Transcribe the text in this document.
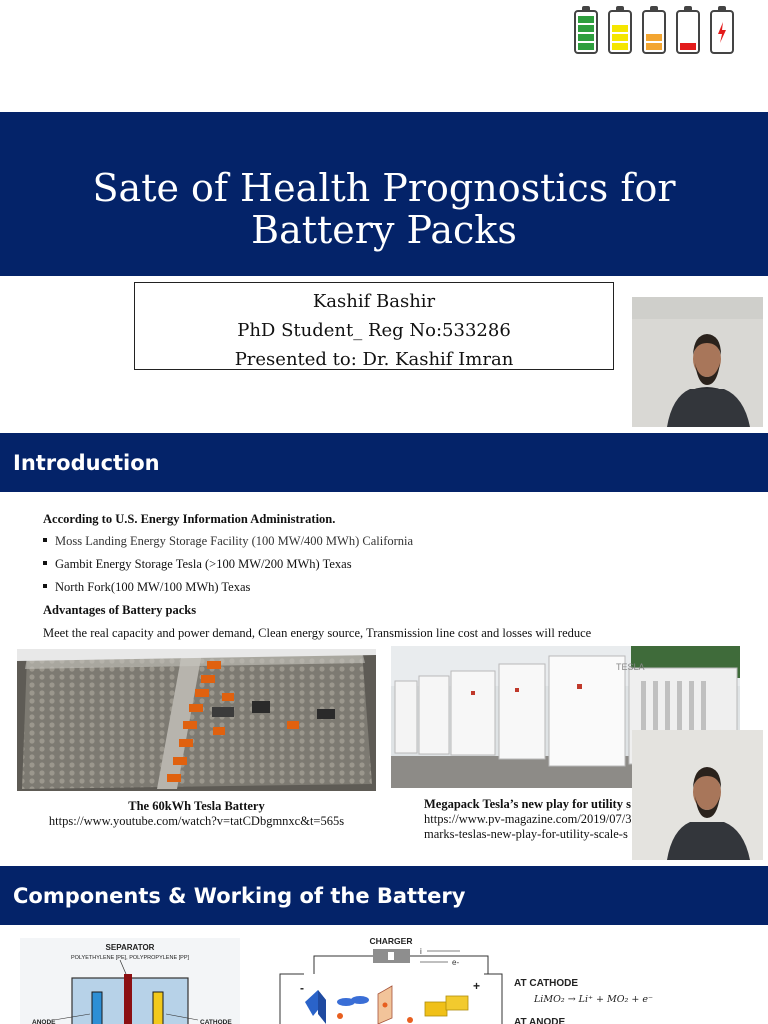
Sate of Health Prognostics for
Battery Packs
Kashif Bashir
PhD Student_ Reg No:533286
Presented to: Dr. Kashif Imran
Introduction
According to U.S. Energy Information Administration.
Moss Landing Energy Storage Facility (100 MW/400 MWh) California
Gambit Energy Storage Tesla (>100 MW/200 MWh) Texas
North Fork(100 MW/100 MWh) Texas
Advantages of Battery packs
Meet the real capacity and power demand, Clean energy source, Transmission line cost and losses will reduce
TESLA
The 60kWh Tesla Battery
https://www.youtube.com/watch?v=tatCDbgmnxc&t=565s
Megapack Tesla’s new play for utility s
https://www.pv-magazine.com/2019/07/3
marks-teslas-new-play-for-utility-scale-s
Components & Working of the Battery
SEPARATOR
POLYETHYLENE [PE], POLYPROPYLENE [PP]
ANODE	CATHODE
CHARGER
i
e-
-	+	AT CATHODE
LiMO₂ → Li⁺ + MO₂ + e⁻
AT ANODE
